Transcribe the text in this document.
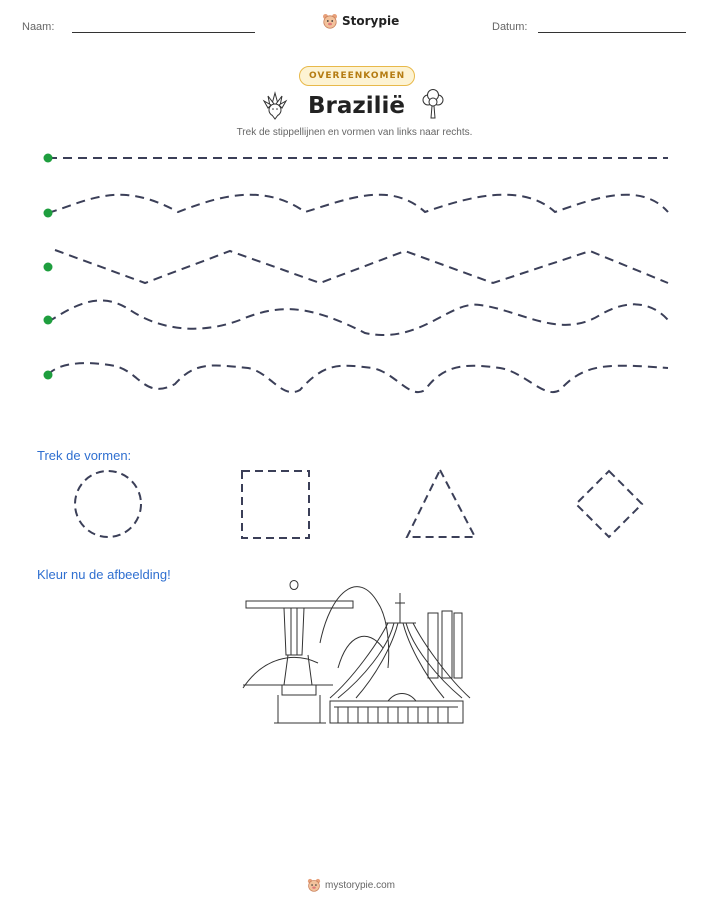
Naam:	Storypie	Datum:
OVEREENKOMEN
Brazilië
Trek de stippellijnen en vormen van links naar rechts.
Trek de vormen:
Kleur nu de afbeelding!
mystorypie.com
